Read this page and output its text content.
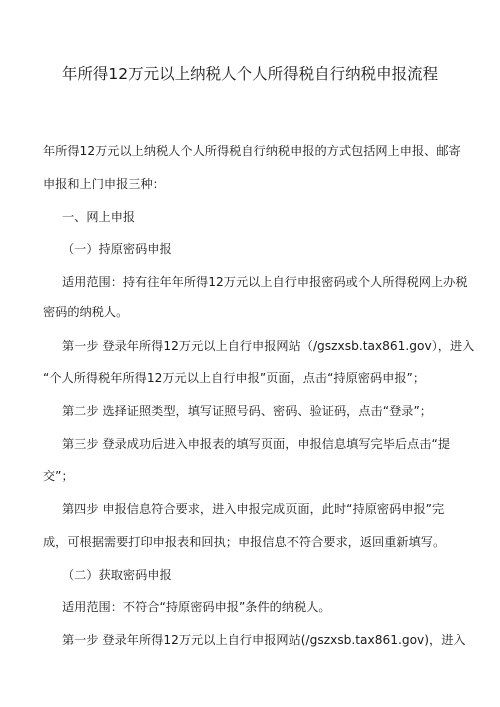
年所得12万元以上纳税人个人所得税自行纳税申报流程
年所得12万元以上纳税人个人所得税自行纳税申报的方式包括网上申报、邮寄
申报和上门申报三种：
一、网上申报
（一）持原密码申报
适用范围：持有往年年所得12万元以上自行申报密码或个人所得税网上办税
密码的纳税人。
第一步 登录年所得12万元以上自行申报网站（/gszxsb.tax861.gov），进入
“个人所得税年所得12万元以上自行申报”页面，点击“持原密码申报”；
第二步 选择证照类型，填写证照号码、密码、验证码，点击“登录”；
第三步 登录成功后进入申报表的填写页面，申报信息填写完毕后点击“提
交”；
第四步 申报信息符合要求，进入申报完成页面，此时“持原密码申报”完
成，可根据需要打印申报表和回执；申报信息不符合要求，返回重新填写。
（二）获取密码申报
适用范围：不符合“持原密码申报”条件的纳税人。
第一步 登录年所得12万元以上自行申报网站(/gszxsb.tax861.gov)，进入
